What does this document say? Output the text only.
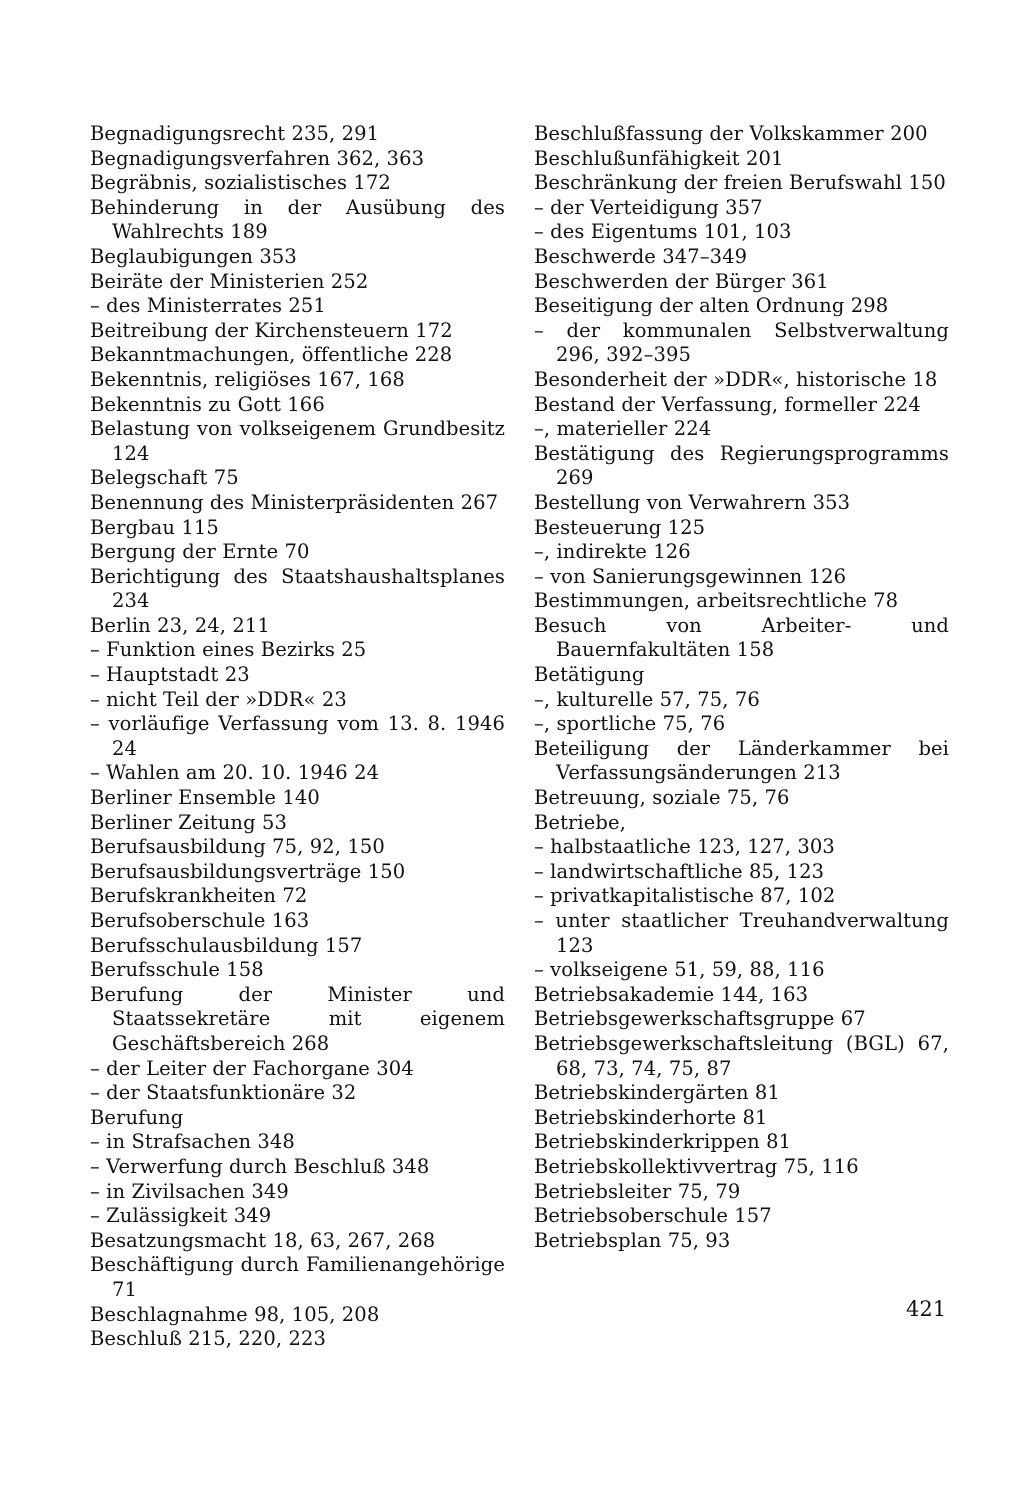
Begnadigungsrecht 235, 291
Begnadigungsverfahren 362, 363
Begräbnis, sozialistisches 172
Behinderung in der Ausübung des Wahlrechts 189
Beglaubigungen 353
Beiräte der Ministerien 252
– des Ministerrates 251
Beitreibung der Kirchensteuern 172
Bekanntmachungen, öffentliche 228
Bekenntnis, religiöses 167, 168
Bekenntnis zu Gott 166
Belastung von volkseigenem Grundbesitz 124
Belegschaft 75
Benennung des Ministerpräsidenten 267
Bergbau 115
Bergung der Ernte 70
Berichtigung des Staatshaushaltsplanes 234
Berlin 23, 24, 211
– Funktion eines Bezirks 25
– Hauptstadt 23
– nicht Teil der »DDR« 23
– vorläufige Verfassung vom 13. 8. 1946 24
– Wahlen am 20. 10. 1946 24
Berliner Ensemble 140
Berliner Zeitung 53
Berufsausbildung 75, 92, 150
Berufsausbildungsverträge 150
Berufskrankheiten 72
Berufsoberschule 163
Berufsschulausbildung 157
Berufsschule 158
Berufung der Minister und Staatssekretäre mit eigenem Geschäftsbereich 268
– der Leiter der Fachorgane 304
– der Staatsfunktionäre 32
Berufung
– in Strafsachen 348
– Verwerfung durch Beschluß 348
– in Zivilsachen 349
– Zulässigkeit 349
Besatzungsmacht 18, 63, 267, 268
Beschäftigung durch Familienangehörige 71
Beschlagnahme 98, 105, 208
Beschluß 215, 220, 223
Beschlußfassung der Volkskammer 200
Beschlußunfähigkeit 201
Beschränkung der freien Berufswahl 150
– der Verteidigung 357
– des Eigentums 101, 103
Beschwerde 347–349
Beschwerden der Bürger 361
Beseitigung der alten Ordnung 298
– der kommunalen Selbstverwaltung 296, 392–395
Besonderheit der »DDR«, historische 18
Bestand der Verfassung, formeller 224
–, materieller 224
Bestätigung des Regierungsprogramms 269
Bestellung von Verwahrern 353
Besteuerung 125
–, indirekte 126
– von Sanierungsgewinnen 126
Bestimmungen, arbeitsrechtliche 78
Besuch von Arbeiter- und Bauernfakultäten 158
Betätigung
–, kulturelle 57, 75, 76
–, sportliche 75, 76
Beteiligung der Länderkammer bei Verfassungsänderungen 213
Betreuung, soziale 75, 76
Betriebe,
– halbstaatliche 123, 127, 303
– landwirtschaftliche 85, 123
– privatkapitalistische 87, 102
– unter staatlicher Treuhandverwaltung 123
– volkseigene 51, 59, 88, 116
Betriebsakademie 144, 163
Betriebsgewerkschaftsgruppe 67
Betriebsgewerkschaftsleitung (BGL) 67, 68, 73, 74, 75, 87
Betriebskindergärten 81
Betriebskinderhorte 81
Betriebskinderkrippen 81
Betriebskollektivvertrag 75, 116
Betriebsleiter 75, 79
Betriebsoberschule 157
Betriebsplan 75, 93
421
